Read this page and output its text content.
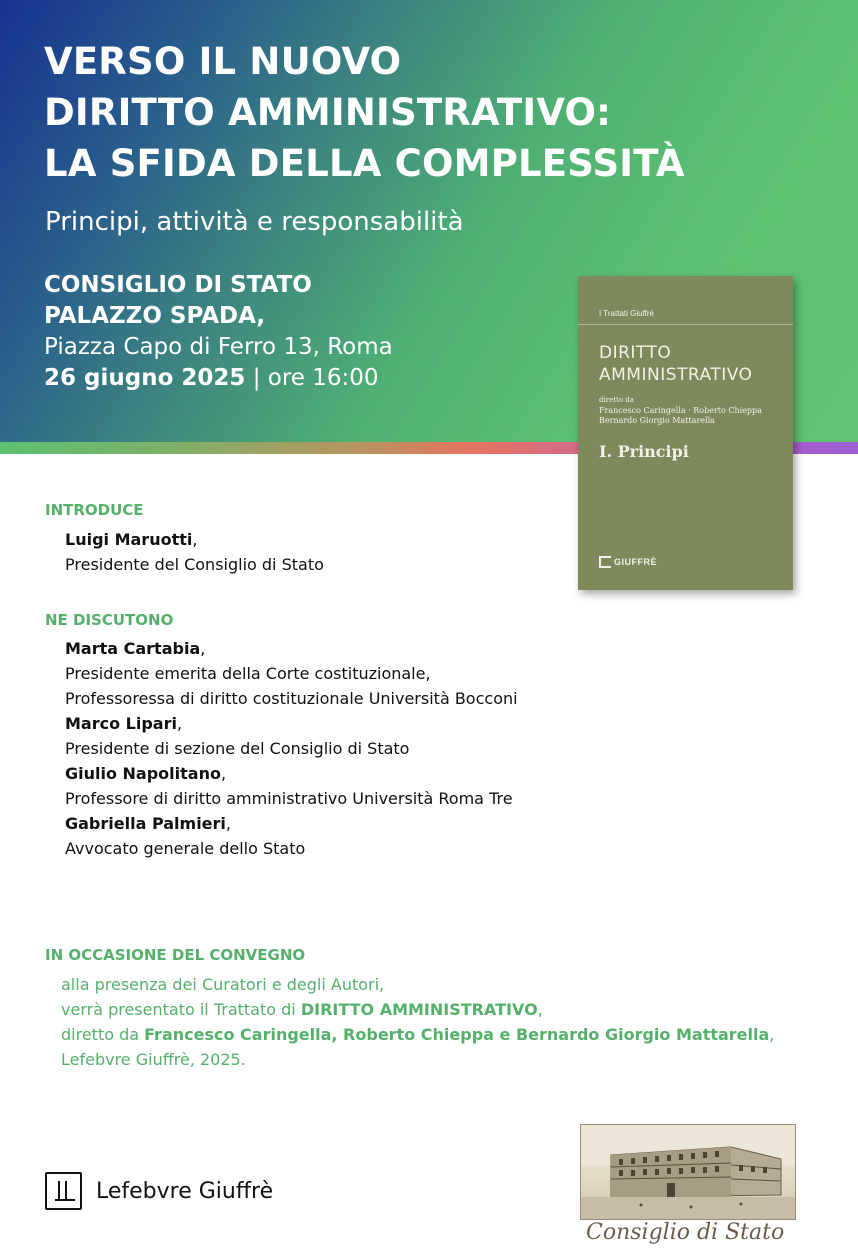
VERSO IL NUOVO
DIRITTO AMMINISTRATIVO:
LA SFIDA DELLA COMPLESSITÀ
Principi, attività e responsabilità
CONSIGLIO DI STATO
PALAZZO SPADA,
Piazza Capo di Ferro 13, Roma
26 giugno 2025 | ore 16:00
I Trattati Giuffrè
DIRITTO
AMMINISTRATIVO
diretto da
Francesco Caringella · Roberto Chieppa
Bernardo Giorgio Mattarella
I. Principi
GIUFFRÈ
INTRODUCE
Luigi Maruotti,
Presidente del Consiglio di Stato
NE DISCUTONO
Marta Cartabia,
Presidente emerita della Corte costituzionale,
Professoressa di diritto costituzionale Università Bocconi
Marco Lipari,
Presidente di sezione del Consiglio di Stato
Giulio Napolitano,
Professore di diritto amministrativo Università Roma Tre
Gabriella Palmieri,
Avvocato generale dello Stato
IN OCCASIONE DEL CONVEGNO
alla presenza dei Curatori e degli Autori,
verrà presentato il Trattato di DIRITTO AMMINISTRATIVO,
diretto da Francesco Caringella, Roberto Chieppa e Bernardo Giorgio Mattarella,
Lefebvre Giuffrè, 2025.
Lefebvre Giuffrè
Consiglio di Stato
